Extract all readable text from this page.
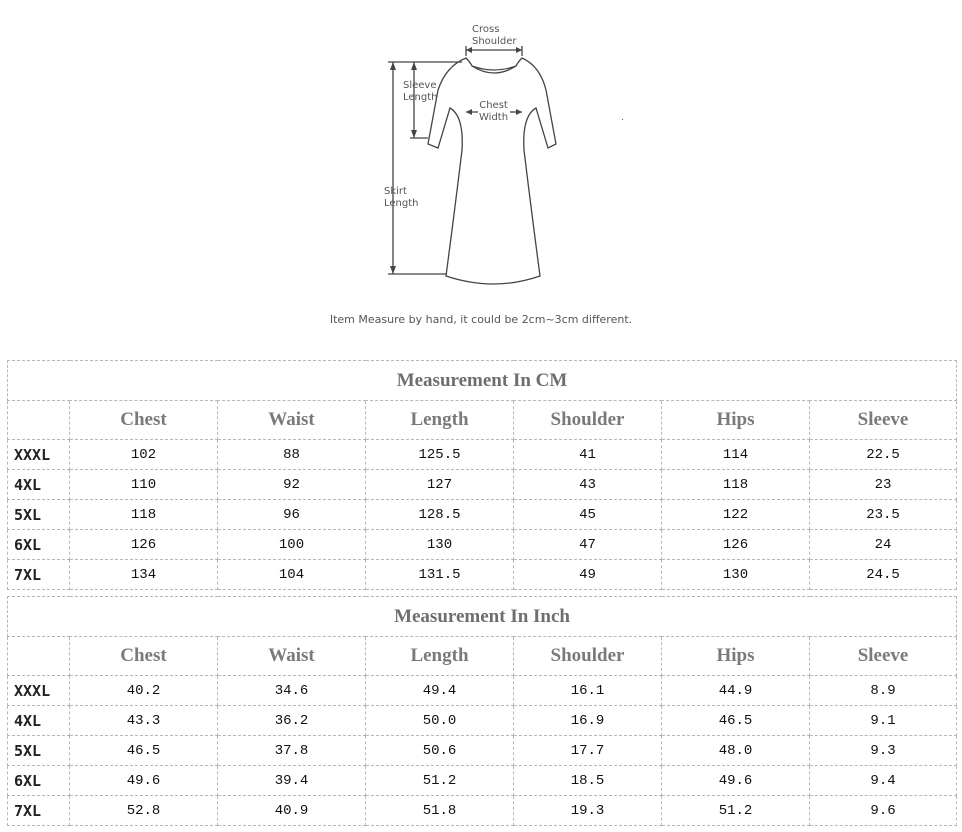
Cross
Shoulder
Sleeve
Length
Chest
Width
Skirt
Length
Item Measure by hand, it could be 2cm~3cm different.
Measurement In CM						
	Chest	Waist	Length	Shoulder	Hips	Sleeve
XXXL	102	88	125.5	41	114	22.5
4XL	110	92	127	43	118	23
5XL	118	96	128.5	45	122	23.5
6XL	126	100	130	47	126	24
7XL	134	104	131.5	49	130	24.5
Measurement In Inch						
	Chest	Waist	Length	Shoulder	Hips	Sleeve
XXXL	40.2	34.6	49.4	16.1	44.9	8.9
4XL	43.3	36.2	50.0	16.9	46.5	9.1
5XL	46.5	37.8	50.6	17.7	48.0	9.3
6XL	49.6	39.4	51.2	18.5	49.6	9.4
7XL	52.8	40.9	51.8	19.3	51.2	9.6
